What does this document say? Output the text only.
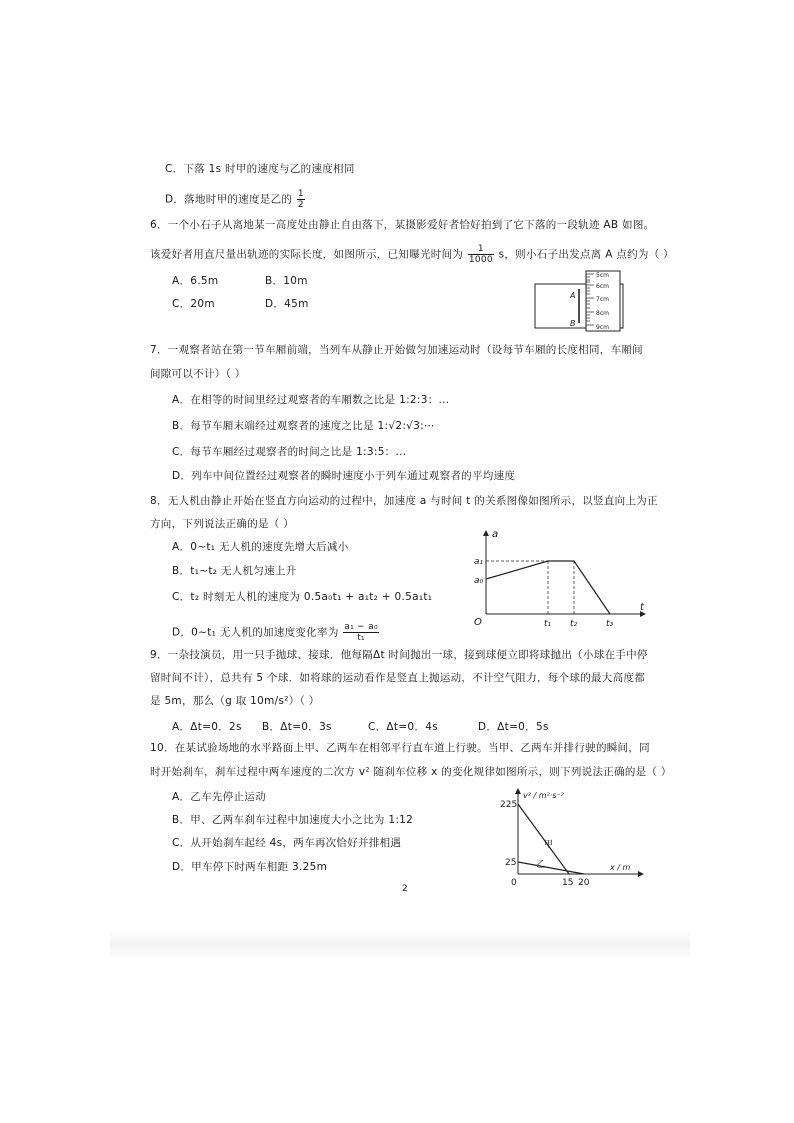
C．下落 1s 时甲的速度与乙的速度相同
D．落地时甲的速度是乙的 $\frac{1}{2}$
6．一个小石子从离地某一高度处由静止自由落下，某摄影爱好者恰好拍到了它下落的一段轨迹 AB 如图。
该爱好者用直尺量出轨迹的实际长度，如图所示，已知曝光时间为 $\frac{1}{1000}$ s，则小石子出发点离 A 点约为（ ）
A．6.5m	B．10m
C．20m	D．45m
A
B
5cm
6cm
7cm
8cm
9cm
7．一观察者站在第一节车厢前端，当列车从静止开始做匀加速运动时（设每节车厢的长度相同，车厢间
间隙可以不计）（ ）
A．在相等的时间里经过观察者的车厢数之比是 1:2:3：...
B．每节车厢末端经过观察者的速度之比是 1:√2:√3:⋯
C．每节车厢经过观察者的时间之比是 1:3:5：...
D．列车中间位置经过观察者的瞬时速度小于列车通过观察者的平均速度
8．无人机由静止开始在竖直方向运动的过程中，加速度 a 与时间 t 的关系图像如图所示，以竖直向上为正
方向，下列说法正确的是（ ）
A．0~t₁ 无人机的速度先增大后减小
B．t₁~t₂ 无人机匀速上升
C．t₂ 时刻无人机的速度为 0.5a₀t₁ + a₁t₂ + 0.5a₁t₁
D．0~t₁ 无人机的加速度变化率为 $\frac{\text{a₁ − a₀}}{\text{t₁}}$
a
t
O
a₁
a₀
t₁ t₂	t₃
9．一杂技演员，用一只手抛球、接球．他每隔Δt 时间抛出一球，接到球便立即将球抛出（小球在手中停
留时间不计），总共有 5 个球．如将球的运动看作是竖直上抛运动，不计空气阻力，每个球的最大高度都
是 5m，那么（g 取 10m/s²）（ ）
A．Δt=0．2s B．Δt=0．3s	C．Δt=0．4s	D．Δt=0．5s
10．在某试验场地的水平路面上甲、乙两车在相邻平行直车道上行驶。当甲、乙两车并排行驶的瞬间，同
时开始刹车，刹车过程中两车速度的二次方 v² 随刹车位移 x 的变化规律如图所示，则下列说法正确的是（ ）
A．乙车先停止运动
B．甲、乙两车刹车过程中加速度大小之比为 1:12
C．从开始刹车起经 4s，两车再次恰好并排相遇
D．甲车停下时两车相距 3.25m
v² / m²·s⁻²
x / m
225
25
0	15 20
甲
乙
2
